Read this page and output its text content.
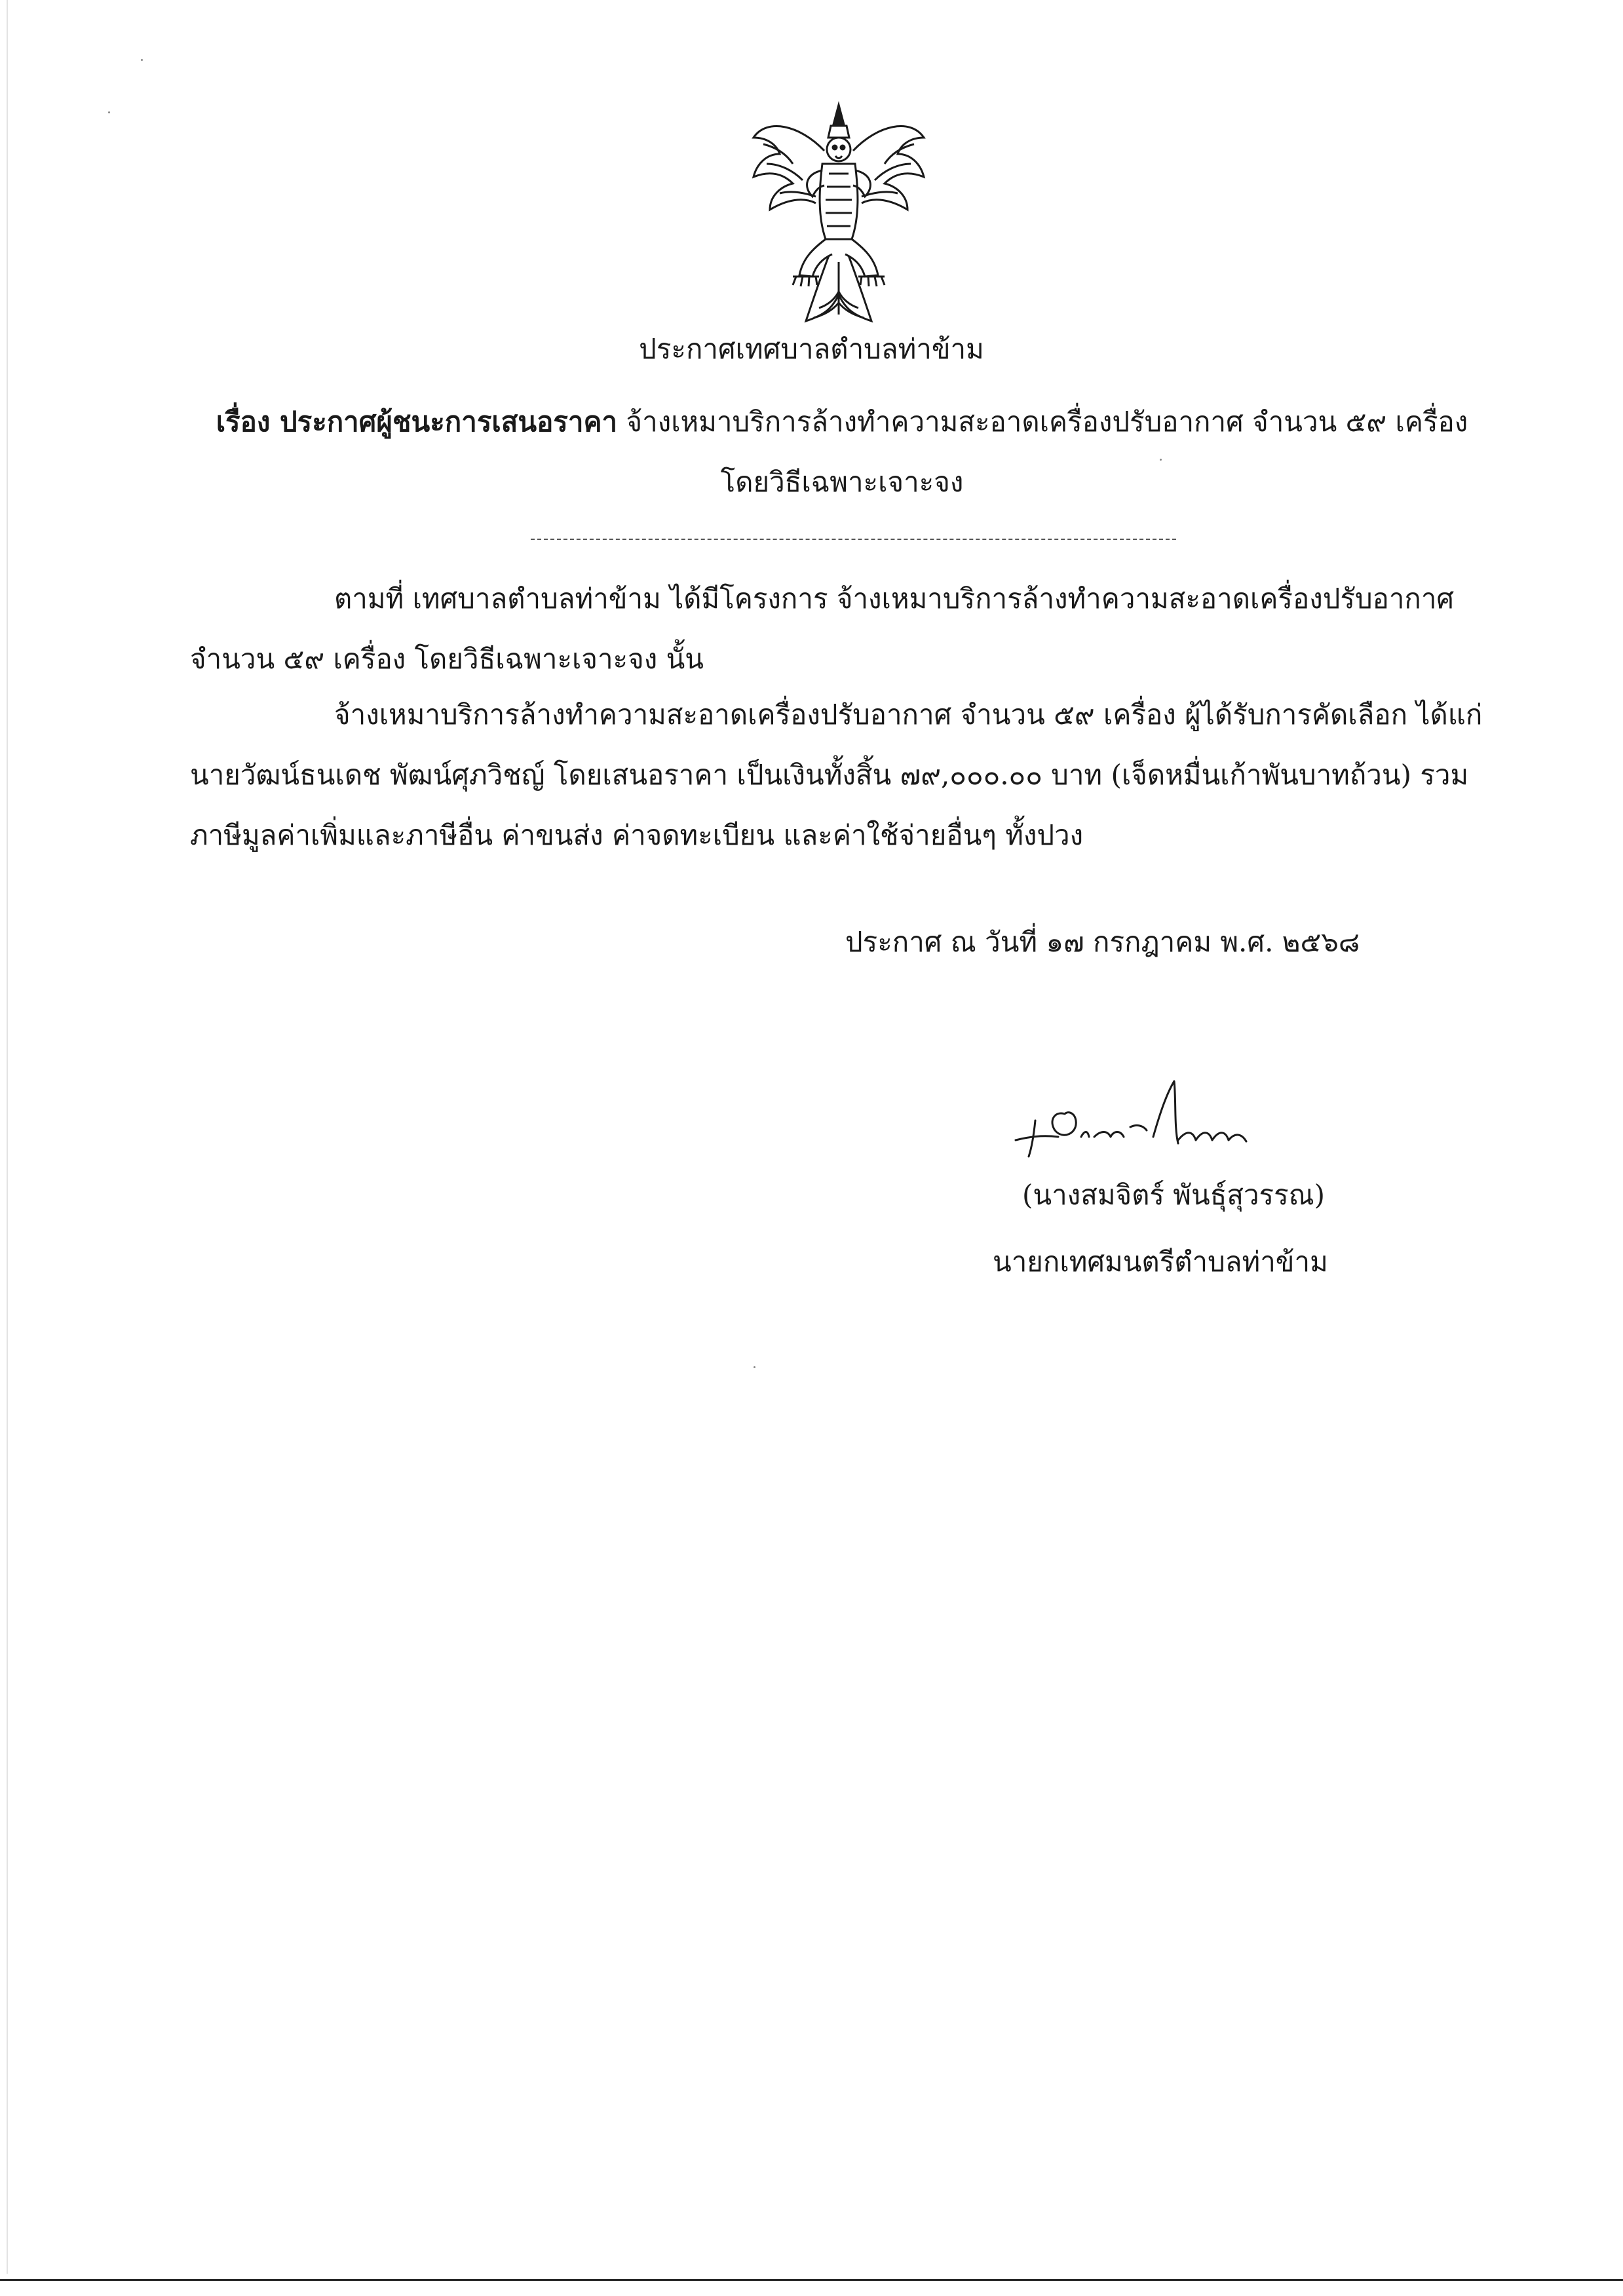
ประกาศเทศบาลตำบลท่าข้าม
เรื่อง ประกาศผู้ชนะการเสนอราคา จ้างเหมาบริการล้างทำความสะอาดเครื่องปรับอากาศ จำนวน ๕๙ เครื่อง โดยวิธีเฉพาะเจาะจง
ตามที่ เทศบาลตำบลท่าข้าม ได้มีโครงการ จ้างเหมาบริการล้างทำความสะอาดเครื่องปรับอากาศ จำนวน ๕๙ เครื่อง โดยวิธีเฉพาะเจาะจง นั้น
จ้างเหมาบริการล้างทำความสะอาดเครื่องปรับอากาศ จำนวน ๕๙ เครื่อง ผู้ได้รับการคัดเลือก ได้แก่ นายวัฒน์ธนเดช พัฒน์ศุภวิชญ์ โดยเสนอราคา เป็นเงินทั้งสิ้น ๗๙,๐๐๐.๐๐ บาท (เจ็ดหมื่นเก้าพันบาทถ้วน) รวมภาษีมูลค่าเพิ่มและภาษีอื่น ค่าขนส่ง ค่าจดทะเบียน และค่าใช้จ่ายอื่นๆ ทั้งปวง
ประกาศ ณ วันที่ ๑๗ กรกฎาคม พ.ศ. ๒๕๖๘
(นางสมจิตร์ พันธุ์สุวรรณ)
นายกเทศมนตรีตำบลท่าข้าม
